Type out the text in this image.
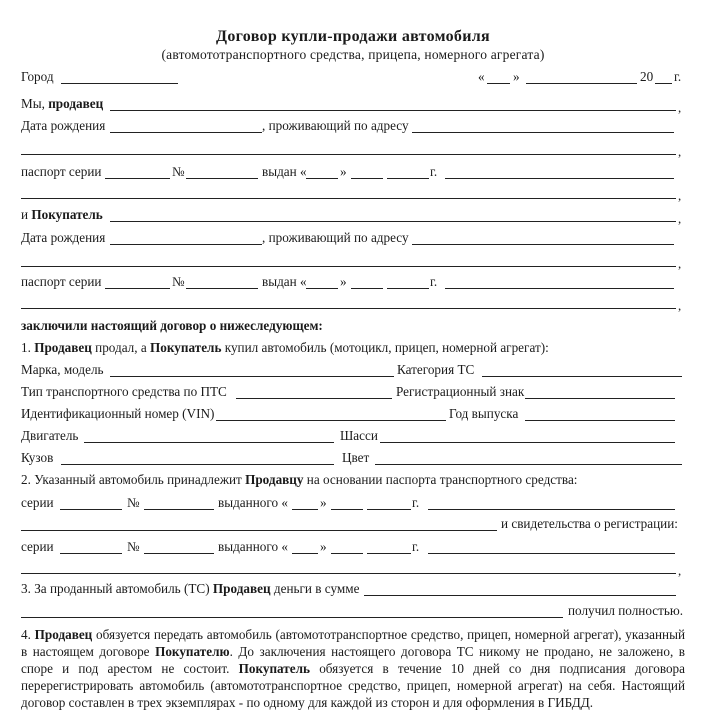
Договор купли-продажи автомобиля
(автомототранспортного средства, прицепа, номерного агрегата)
Город	« »	20 г.
Мы, продавец	,
Дата рождения	, проживающий по адресу
,
паспорт серии	№	выдан «	»	г.
,
и Покупатель	,
Дата рождения	, проживающий по адресу
,
паспорт серии	№	выдан «	»	г.
,
заключили настоящий договор о нижеследующем:
1. Продавец продал, а Покупатель купил автомобиль (мотоцикл, прицеп, номерной агрегат):
Марка, модель	Категория ТС
Тип транспортного средства по ПТС	Регистрационный знак
Идентификационный номер (VIN)	Год выпуска
Двигатель	Шасси
Кузов	Цвет
2. Указанный автомобиль принадлежит Продавцу на основании паспорта транспортного средства:
серии	№	выданного « »	г.
и свидетельства о регистрации:
серии	№	выданного « »	г.
,
3. За проданный автомобиль (ТС) Продавец деньги в сумме
получил полностью.
4. Продавец обязуется передать автомобиль (автомототранспортное средство, прицеп, номерной агрегат), указанный
в настоящем договоре Покупателю. До заключения настоящего договора ТС никому не продано, не заложено, в
споре и под арестом не состоит. Покупатель обязуется в течение 10 дней со дня подписания договора
перерегистрировать автомобиль (автомототранспортное средство, прицеп, номерной агрегат) на себя. Настоящий
договор составлен в трех экземплярах - по одному для каждой из сторон и для оформления в ГИБДД.
